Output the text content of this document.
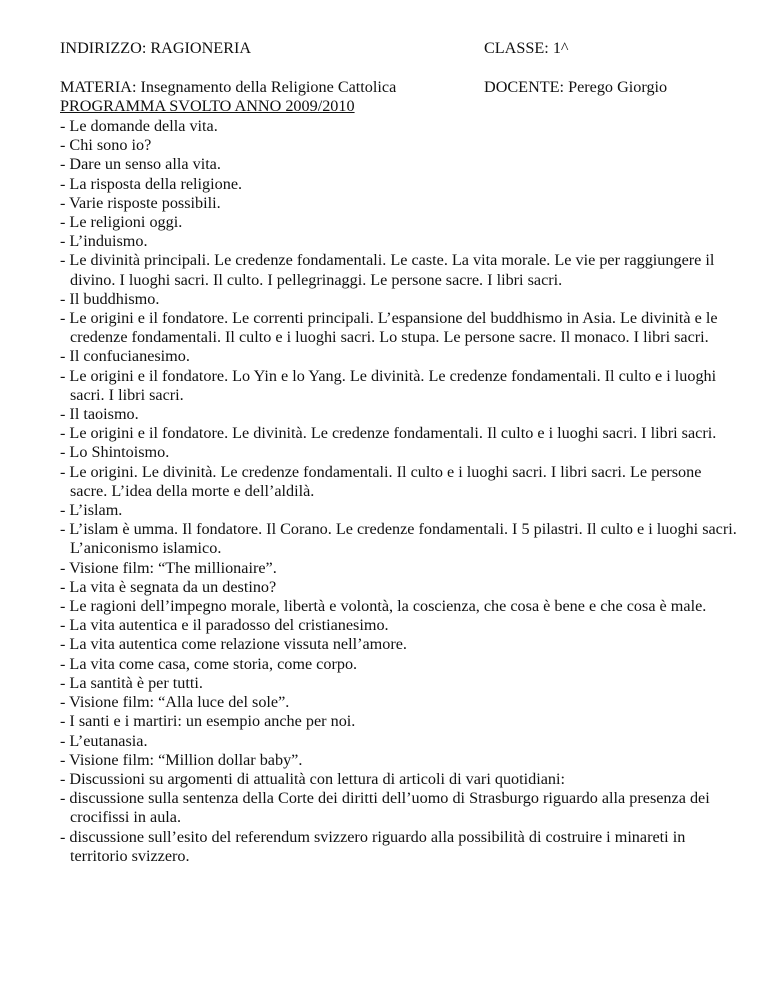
INDIRIZZO: RAGIONERIA	CLASSE: 1^
MATERIA: Insegnamento della Religione Cattolica	DOCENTE: Perego Giorgio
PROGRAMMA SVOLTO ANNO 2009/2010

- Le domande della vita.

- Chi sono io?

- Dare un senso alla vita.

- La risposta della religione.

- Varie risposte possibili.

- Le religioni oggi.

- L’induismo.

- Le divinità principali. Le credenze fondamentali. Le caste. La vita morale. Le vie per raggiungere il divino. I luoghi sacri. Il culto. I pellegrinaggi. Le persone sacre. I libri sacri.

- Il buddhismo.

- Le origini e il fondatore. Le correnti principali. L’espansione del buddhismo in Asia. Le divinità e le credenze fondamentali. Il culto e i luoghi sacri. Lo stupa. Le persone sacre. Il monaco. I libri sacri.

- Il confucianesimo.

- Le origini e il fondatore. Lo Yin e lo Yang. Le divinità. Le credenze fondamentali. Il culto e i luoghi sacri. I libri sacri.

- Il taoismo.

- Le origini e il fondatore. Le divinità. Le credenze fondamentali. Il culto e i luoghi sacri. I libri sacri.

- Lo Shintoismo.

- Le origini. Le divinità. Le credenze fondamentali. Il culto e i luoghi sacri. I libri sacri. Le persone sacre. L’idea della morte e dell’aldilà.

- L’islam.

- L’islam è umma. Il fondatore. Il Corano. Le credenze fondamentali. I 5 pilastri. Il culto e i luoghi sacri. L’aniconismo islamico.

- Visione film: “The millionaire”.

- La vita è segnata da un destino?

- Le ragioni dell’impegno morale, libertà e volontà, la coscienza, che cosa è bene e che cosa è male.

- La vita autentica e il paradosso del cristianesimo.

- La vita autentica come relazione vissuta nell’amore.

- La vita come casa, come storia, come corpo.

- La santità è per tutti.

- Visione film: “Alla luce del sole”.

- I santi e i martiri: un esempio anche per noi.

- L’eutanasia.

- Visione film: “Million dollar baby”.

- Discussioni su argomenti di attualità con lettura di articoli di vari quotidiani:

- discussione sulla sentenza della Corte dei diritti dell’uomo di Strasburgo riguardo alla presenza dei crocifissi in aula.

- discussione sull’esito del referendum svizzero riguardo alla possibilità di costruire i minareti in territorio svizzero.
